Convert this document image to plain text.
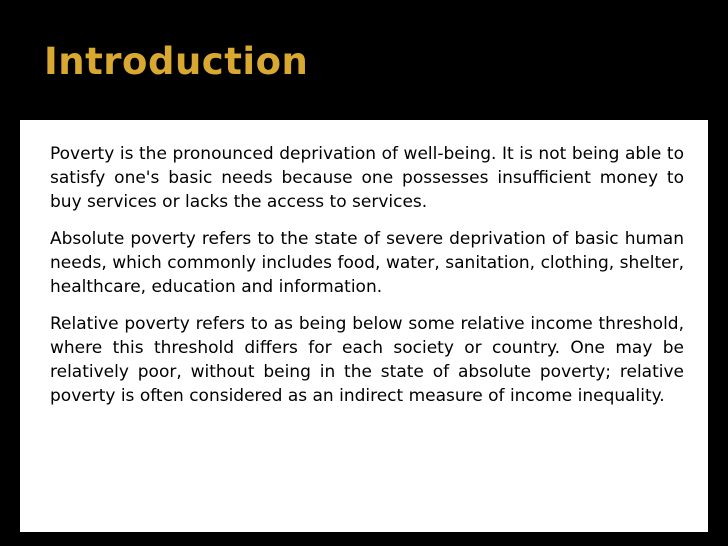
Introduction

Poverty is the pronounced deprivation of well-being. It is not being able to satisfy one's basic needs because one possesses insufficient money to buy services or lacks the access to services.

Absolute poverty refers to the state of severe deprivation of basic human needs, which commonly includes food, water, sanitation, clothing, shelter, healthcare, education and information.

Relative poverty refers to as being below some relative income threshold, where this threshold differs for each society or country. One may be relatively poor, without being in the state of absolute poverty; relative poverty is often considered as an indirect measure of income inequality.
